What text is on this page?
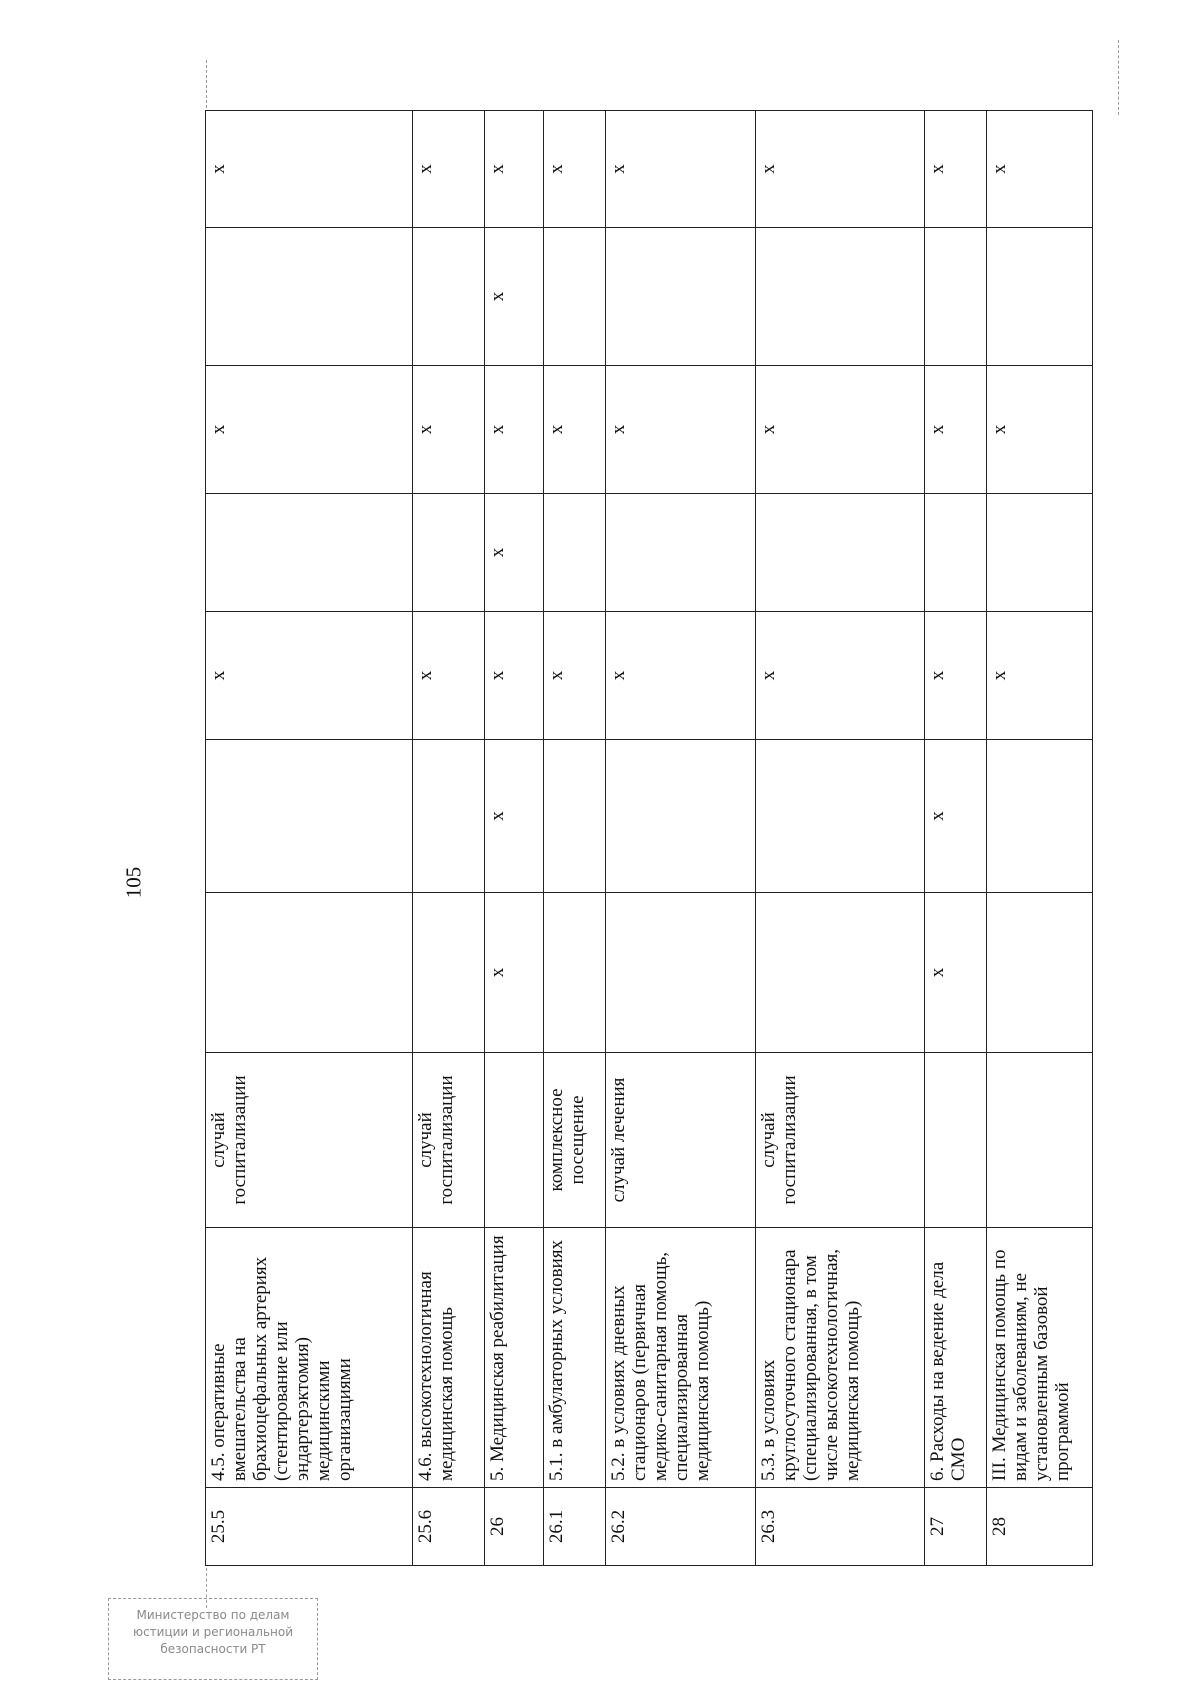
105
25.5	4.5. оперативные вмешательства на брахиоцефальных артериях (стентирование или эндартерэктомия) медицинскими организациями	случай госпитализации			х		х		х
25.6	4.6. высокотехнологичная медицинская помощь	случай госпитализации			х		х		х
26	5. Медицинская реабилитация		х	х	х	х	х	х	х
26.1	5.1. в амбулаторных условиях	комплексное посещение			х		х		х
26.2	5.2. в условиях дневных стационаров (первичная медико-санитарная помощь, специализированная медицинская помощь)	случай лечения			х		х		х
26.3	5.3. в условиях круглосуточного стационара (специализированная, в том числе высокотехнологичная, медицинская помощь)	случай госпитализации			х		х		х
27	6. Расходы на ведение дела СМО		х	х	х		х		х
28	III. Медицинская помощь по видам и заболеваниям, не установленным базовой программой				х		х		х
Министерство по делам
юстиции и региональной
безопасности РТ
